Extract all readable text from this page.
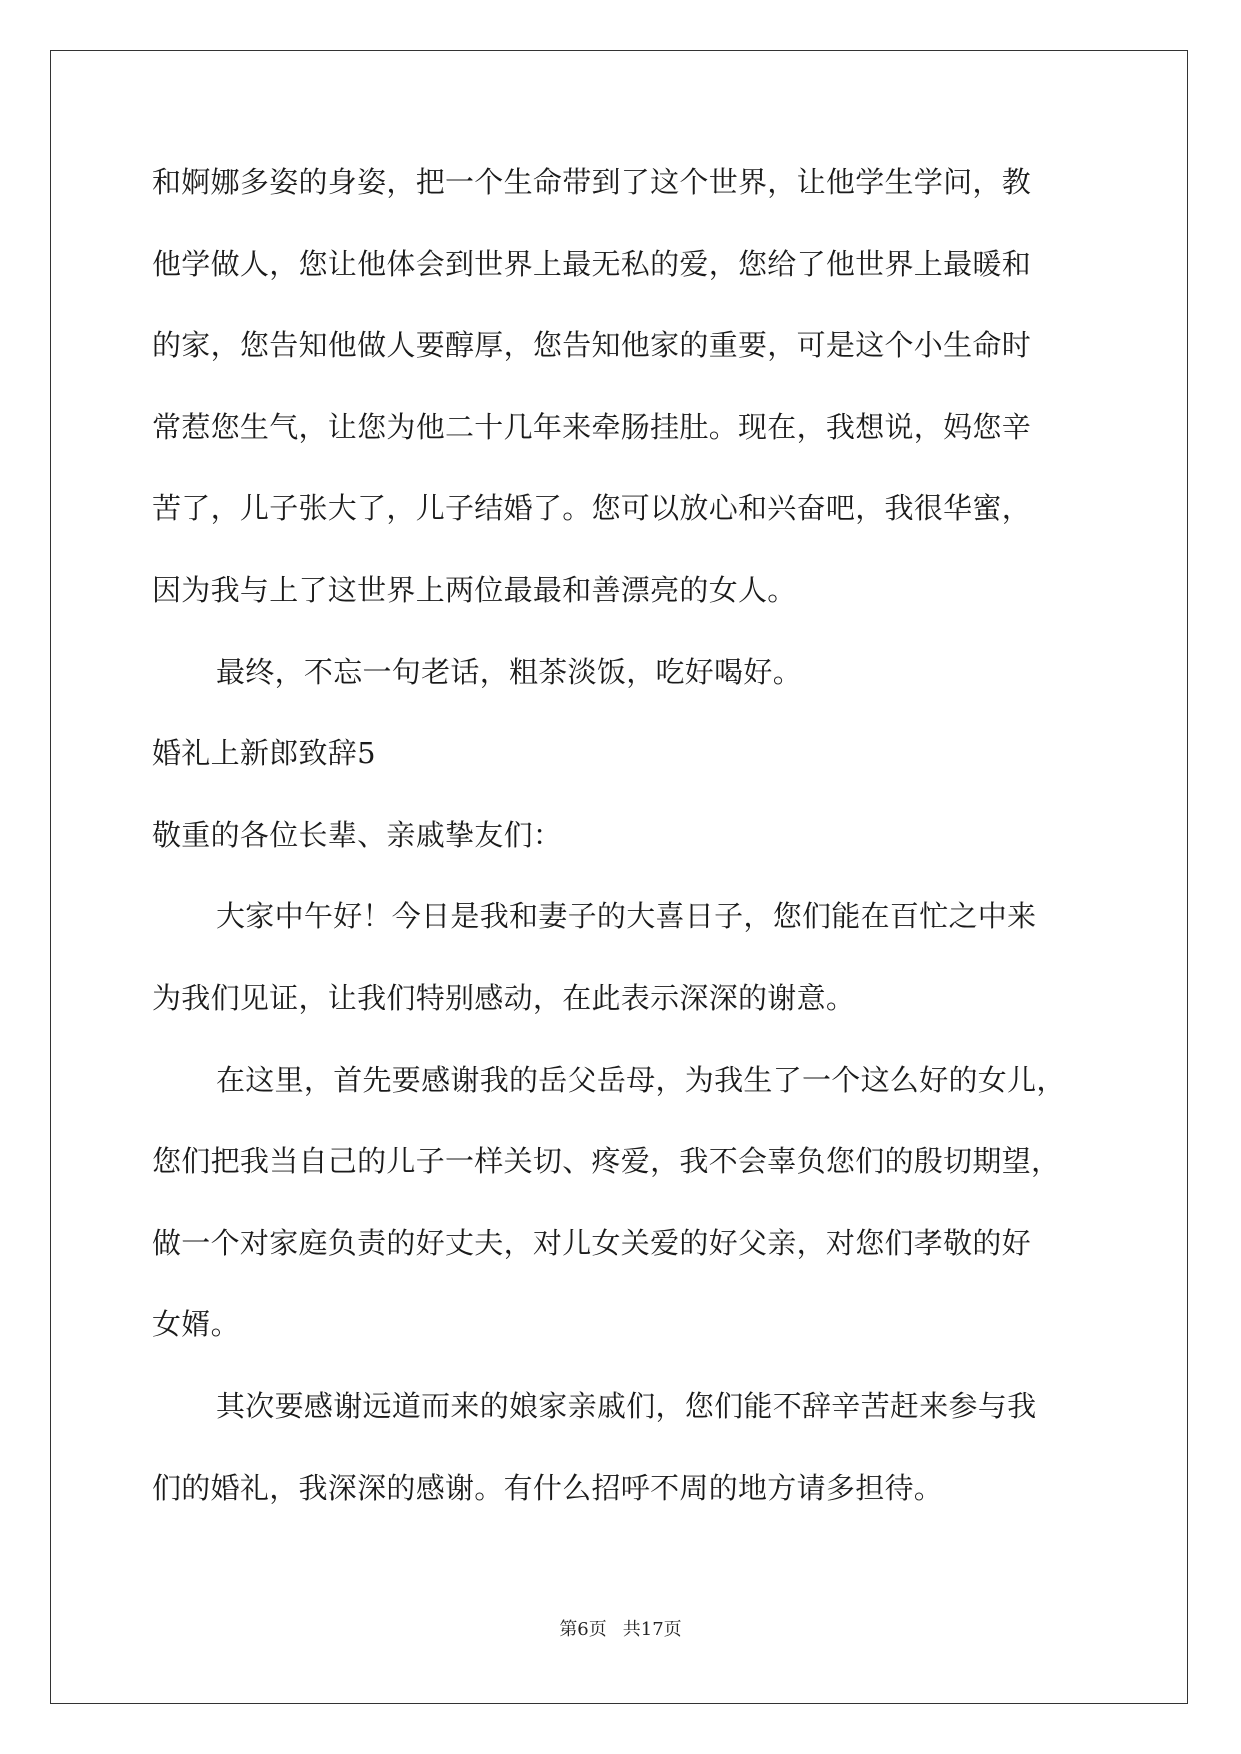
和婀娜多姿的身姿，把一个生命带到了这个世界，让他学生学问，教

他学做人，您让他体会到世界上最无私的爱，您给了他世界上最暖和

的家，您告知他做人要醇厚，您告知他家的重要，可是这个小生命时

常惹您生气，让您为他二十几年来牵肠挂肚。现在，我想说，妈您辛

苦了，儿子张大了，儿子结婚了。您可以放心和兴奋吧，我很华蜜，

因为我与上了这世界上两位最最和善漂亮的女人。

最终，不忘一句老话，粗茶淡饭，吃好喝好。

婚礼上新郎致辞5

敬重的各位长辈、亲戚挚友们：

大家中午好！今日是我和妻子的大喜日子，您们能在百忙之中来

为我们见证，让我们特别感动，在此表示深深的谢意。

在这里，首先要感谢我的岳父岳母，为我生了一个这么好的女儿，

您们把我当自己的儿子一样关切、疼爱，我不会辜负您们的殷切期望，

做一个对家庭负责的好丈夫，对儿女关爱的好父亲，对您们孝敬的好

女婿。

其次要感谢远道而来的娘家亲戚们，您们能不辞辛苦赶来参与我

们的婚礼，我深深的感谢。有什么招呼不周的地方请多担待。

第6页 共17页
